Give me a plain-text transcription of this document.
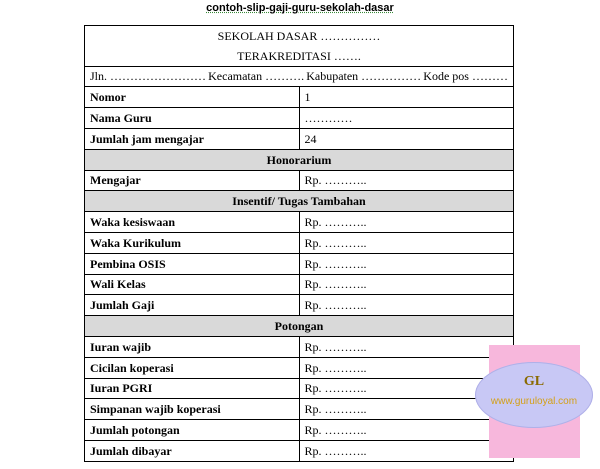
contoh-slip-gaji-guru-sekolah-dasar
SEKOLAH DASAR ……………	
TERAKREDITASI …….	

Jln. …………………… Kecamatan ………. Kabupaten …………… Kode pos ………	

Nomor	1
Nama Guru	…………
Jumlah jam mengajar	24
Honorarium	
Mengajar	Rp. ………..
Insentif/ Tugas Tambahan	
Waka kesiswaan	Rp. ………..
Waka Kurikulum	Rp. ………..
Pembina OSIS	Rp. ………..
Wali Kelas	Rp. ………..
Jumlah Gaji	Rp. ………..
Potongan	
Iuran wajib	Rp. ………..
Cicilan koperasi	Rp. ………..
Iuran PGRI	Rp. ………..
Simpanan wajib koperasi	Rp. ………..
Jumlah potongan	Rp. ………..
Jumlah dibayar	Rp. ………..
GL
www.guruloyal.com
